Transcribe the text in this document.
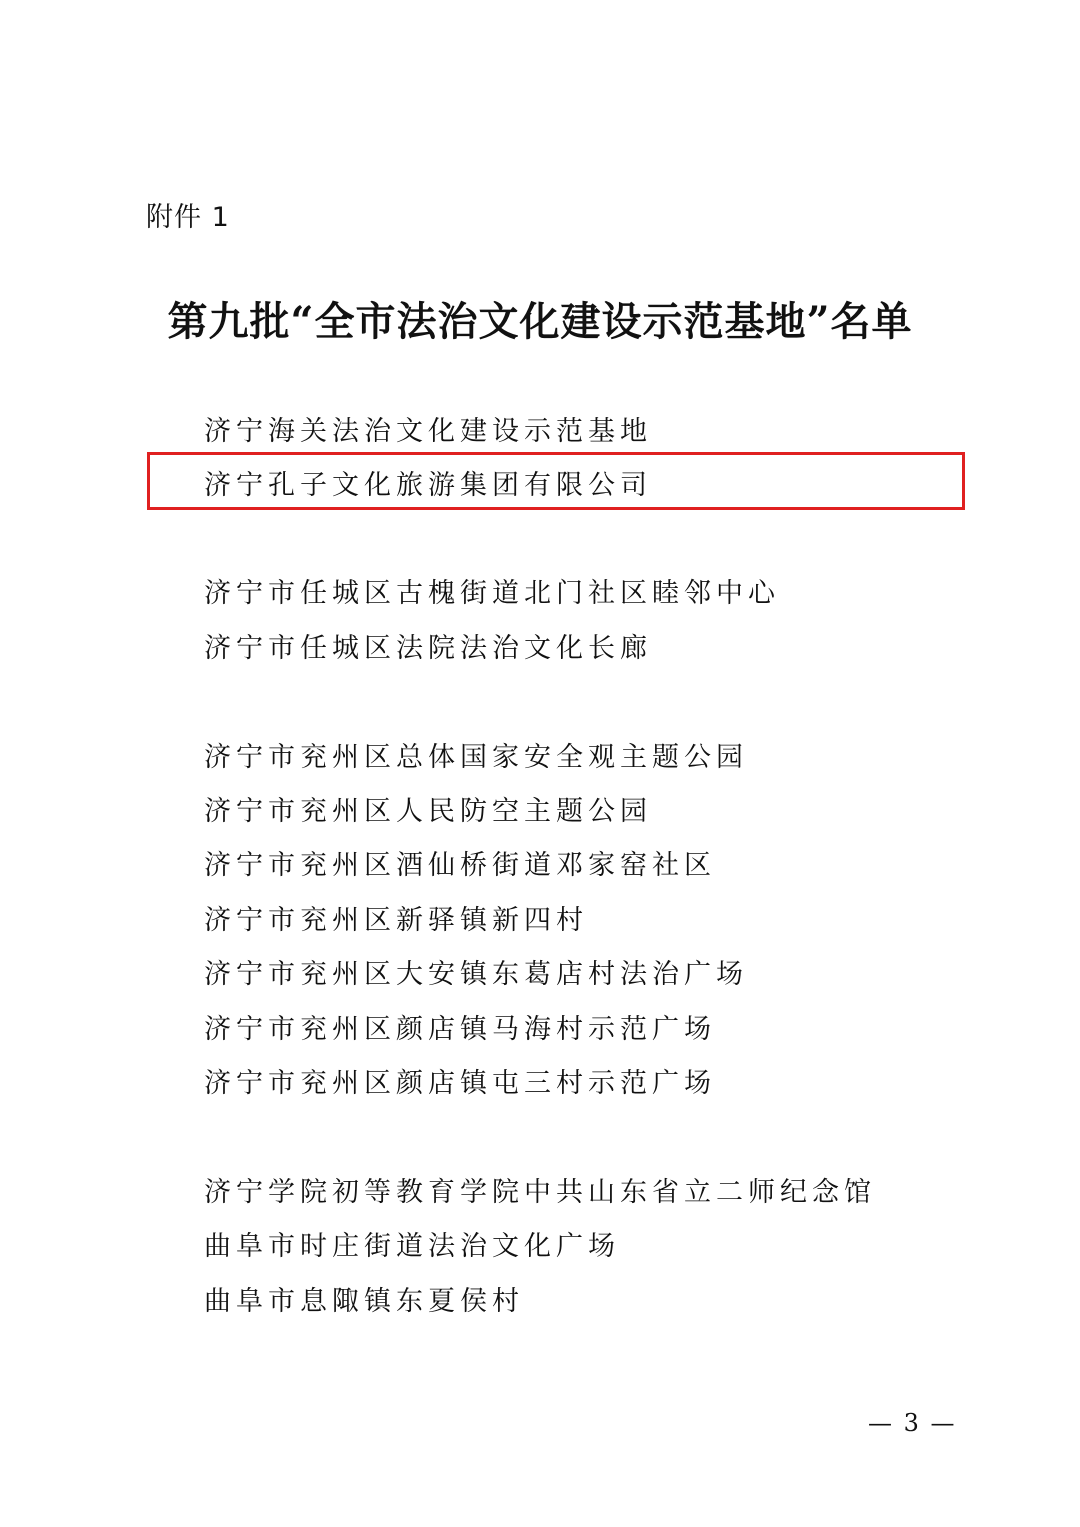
附件 1
第九批“全市法治文化建设示范基地”名单
济宁海关法治文化建设示范基地
济宁孔子文化旅游集团有限公司
济宁市任城区古槐街道北门社区睦邻中心
济宁市任城区法院法治文化长廊
济宁市兖州区总体国家安全观主题公园
济宁市兖州区人民防空主题公园
济宁市兖州区酒仙桥街道邓家窑社区
济宁市兖州区新驿镇新四村
济宁市兖州区大安镇东葛店村法治广场
济宁市兖州区颜店镇马海村示范广场
济宁市兖州区颜店镇屯三村示范广场
济宁学院初等教育学院中共山东省立二师纪念馆
曲阜市时庄街道法治文化广场
曲阜市息陬镇东夏侯村
— 3 —
